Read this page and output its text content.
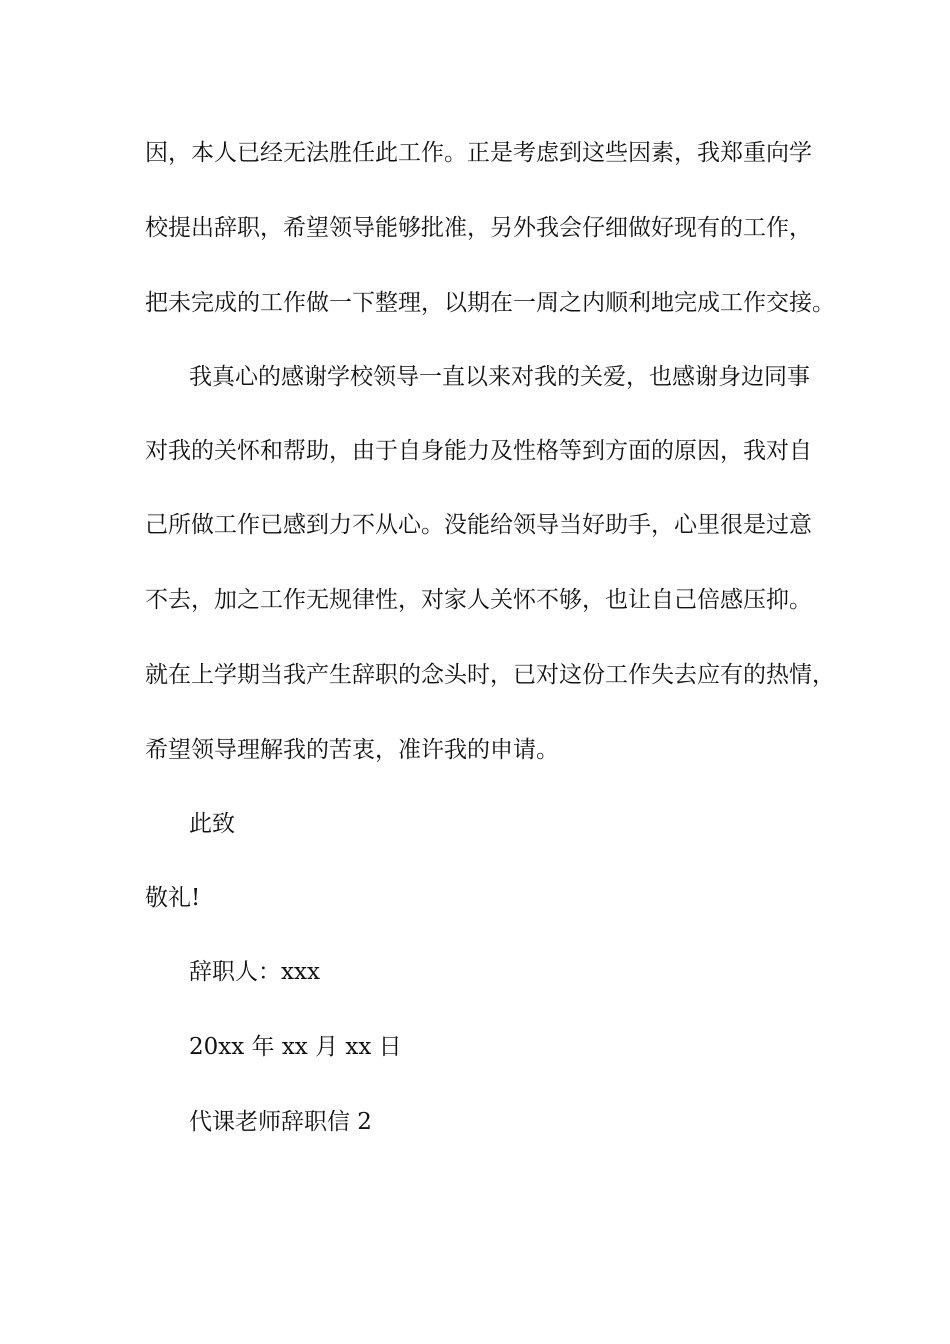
因，本人已经无法胜任此工作。正是考虑到这些因素，我郑重向学
校提出辞职，希望领导能够批准，另外我会仔细做好现有的工作，
把未完成的工作做一下整理，以期在一周之内顺利地完成工作交接。
我真心的感谢学校领导一直以来对我的关爱，也感谢身边同事
对我的关怀和帮助，由于自身能力及性格等到方面的原因，我对自
己所做工作已感到力不从心。没能给领导当好助手，心里很是过意
不去，加之工作无规律性，对家人关怀不够，也让自己倍感压抑。
就在上学期当我产生辞职的念头时，已对这份工作失去应有的热情，
希望领导理解我的苦衷，准许我的申请。
此致
敬礼!
辞职人：xxx
20xx 年 xx 月 xx 日
代课老师辞职信 2
